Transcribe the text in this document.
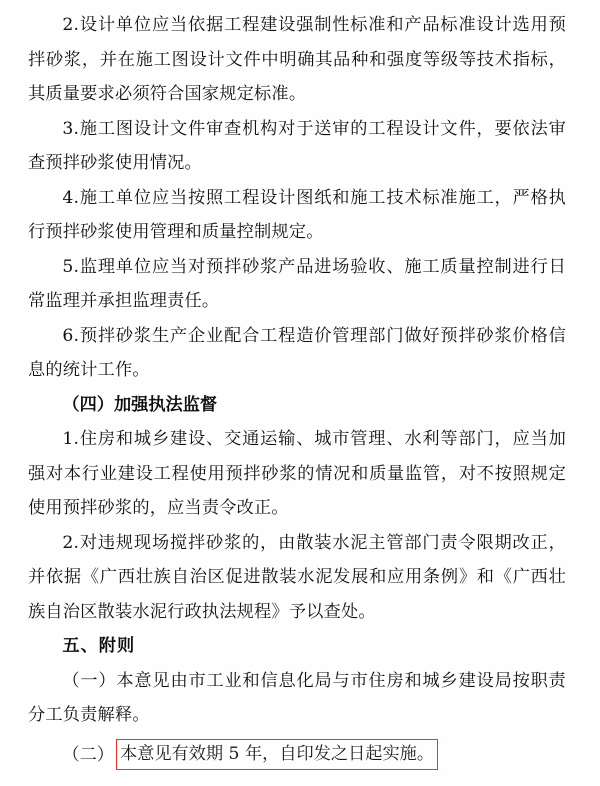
2.设计单位应当依据工程建设强制性标准和产品标准设计选用预拌砂浆，并在施工图设计文件中明确其品种和强度等级等技术指标，其质量要求必须符合国家规定标准。

3.施工图设计文件审查机构对于送审的工程设计文件，要依法审查预拌砂浆使用情况。

4.施工单位应当按照工程设计图纸和施工技术标准施工，严格执行预拌砂浆使用管理和质量控制规定。

5.监理单位应当对预拌砂浆产品进场验收、施工质量控制进行日常监理并承担监理责任。

6.预拌砂浆生产企业配合工程造价管理部门做好预拌砂浆价格信息的统计工作。

（四）加强执法监督

1.住房和城乡建设、交通运输、城市管理、水利等部门，应当加强对本行业建设工程使用预拌砂浆的情况和质量监管，对不按照规定使用预拌砂浆的，应当责令改正。

2.对违规现场搅拌砂浆的，由散装水泥主管部门责令限期改正，并依据《广西壮族自治区促进散装水泥发展和应用条例》和《广西壮族自治区散装水泥行政执法规程》予以查处。

五、附则

（一）本意见由市工业和信息化局与市住房和城乡建设局按职责分工负责解释。

（二） 本意见有效期 5 年，自印发之日起实施。
